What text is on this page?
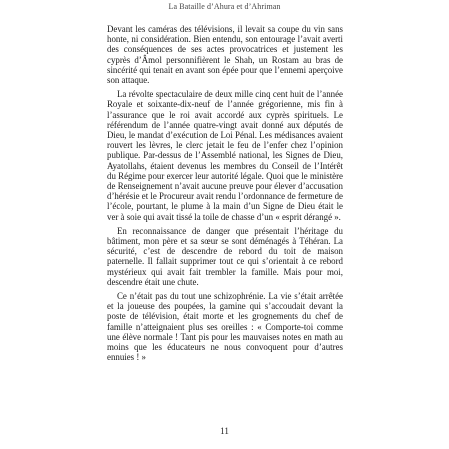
La Bataille d’Ahura et d’Ahriman

Devant les caméras des télévisions, il levait sa coupe du vin sans honte, ni considération. Bien entendu, son entourage l’avait averti des conséquences de ses actes provocatrices et justement les cyprès d’Âmol personnifièrent le Shah, un Rostam au bras de sincérité qui tenait en avant son épée pour que l’ennemi aperçoive son attaque.

La révolte spectaculaire de deux mille cinq cent huit de l’année Royale et soixante-dix-neuf de l’année grégorienne, mis fin à l’assurance que le roi avait accordé aux cyprès spirituels. Le référendum de l’année quatre-vingt avait donné aux députés de Dieu, le mandat d’exécution de Loi Pénal. Les médisances avaient rouvert les lèvres, le clerc jetait le feu de l’enfer chez l’opinion publique. Par-dessus de l’Assemblé national, les Signes de Dieu, Ayatollahs, étaient devenus les membres du Conseil de l’Intérêt du Régime pour exercer leur autorité légale. Quoi que le ministère de Renseignement n’avait aucune preuve pour élever d’accusation d’hérésie et le Procureur avait rendu l’ordonnance de fermeture de l’école, pourtant, le plume à la main d’un Signe de Dieu était le ver à soie qui avait tissé la toile de chasse d’un « esprit dérangé ».

En reconnaissance de danger que présentait l’héritage du bâtiment, mon père et sa sœur se sont déménagés à Téhéran. La sécurité, c’est de descendre de rebord du toit de maison paternelle. Il fallait supprimer tout ce qui s’orientait à ce rebord mystérieux qui avait fait trembler la famille. Mais pour moi, descendre était une chute.

Ce n’était pas du tout une schizophrénie. La vie s’était arrêtée et la joueuse des poupées, la gamine qui s’accoudait devant la poste de télévision, était morte et les grognements du chef de famille n’atteignaient plus ses oreilles : « Comporte-toi comme une élève normale ! Tant pis pour les mauvaises notes en math au moins que les éducateurs ne nous convoquent pour d’autres ennuies ! »

11
